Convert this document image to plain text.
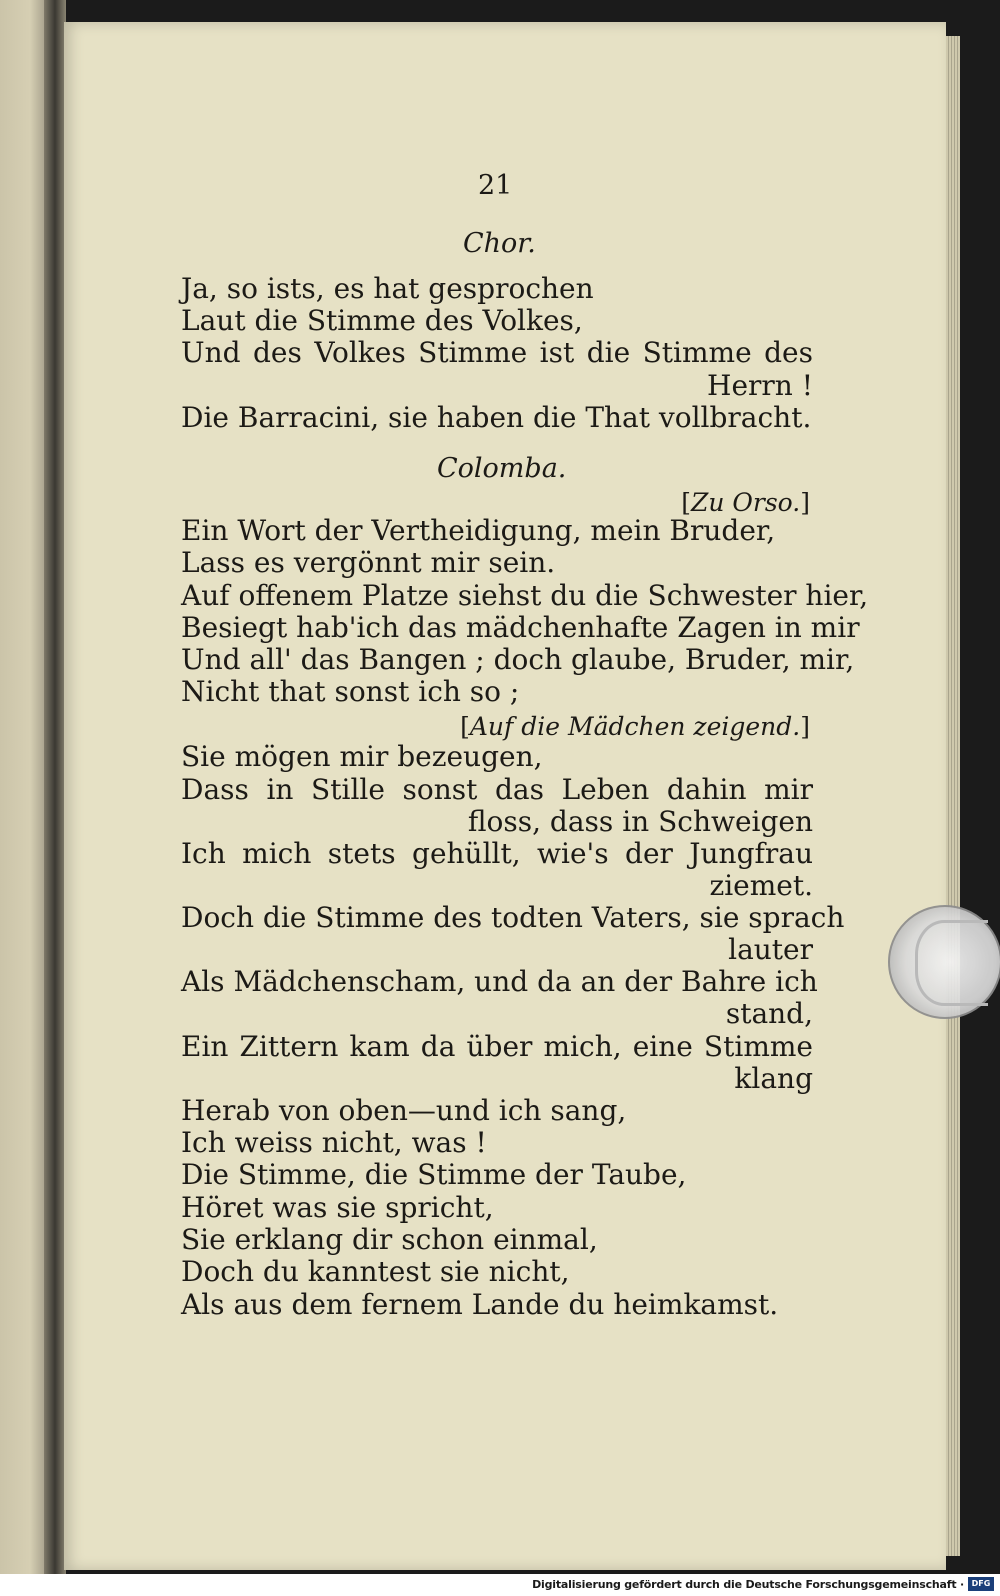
21
Chor.
Ja, so ists, es hat gesprochen
Laut die Stimme des Volkes,
Und des Volkes Stimme ist die Stimme des
Herrn !
Die Barracini, sie haben die That vollbracht.
Colomba.
[Zu Orso.]
Ein Wort der Vertheidigung, mein Bruder,
Lass es vergönnt mir sein.
Auf offenem Platze siehst du die Schwester hier,
Besiegt hab'ich das mädchenhafte Zagen in mir
Und all' das Bangen ; doch glaube, Bruder, mir,
Nicht that sonst ich so ;
[Auf die Mädchen zeigend.]
Sie mögen mir bezeugen,
Dass in Stille sonst das Leben dahin mir
floss, dass in Schweigen
Ich mich stets gehüllt, wie's der Jungfrau
ziemet.
Doch die Stimme des todten Vaters, sie sprach
lauter
Als Mädchenscham, und da an der Bahre ich
stand,
Ein Zittern kam da über mich, eine Stimme
klang
Herab von oben—und ich sang,
Ich weiss nicht, was !
Die Stimme, die Stimme der Taube,
Höret was sie spricht,
Sie erklang dir schon einmal,
Doch du kanntest sie nicht,
Als aus dem fernem Lande du heimkamst.
Digitalisierung gefördert durch die Deutsche Forschungsgemeinschaft · DFG
